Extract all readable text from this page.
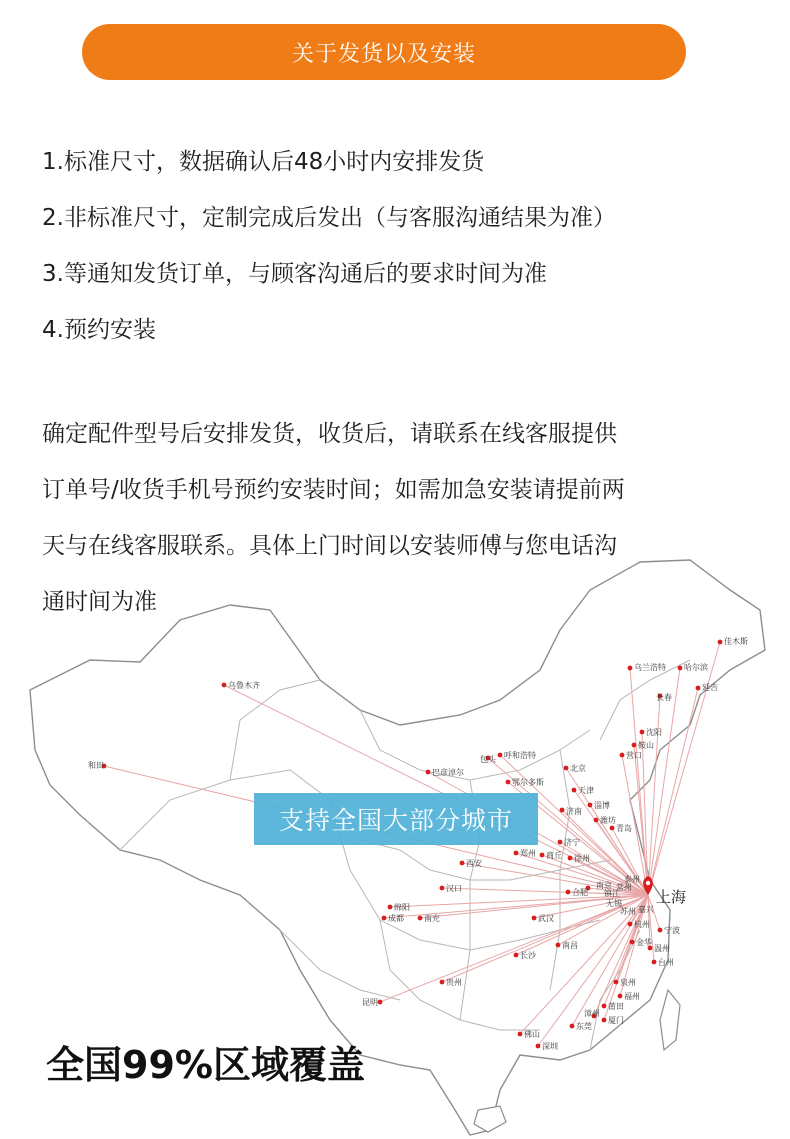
关于发货以及安装
1.标准尺寸，数据确认后48小时内安排发货
2.非标准尺寸，定制完成后发出（与客服沟通结果为准）
3.等通知发货订单，与顾客沟通后的要求时间为准
4.预约安装
确定配件型号后安排发货，收货后，请联系在线客服提供
订单号/收货手机号预约安装时间；如需加急安装请提前两
天与在线客服联系。具体上门时间以安装师傅与您电话沟
通时间为准
佳木斯
乌兰浩特 哈尔滨
长春
延吉
沈阳
鞍山
营口
乌鲁木齐
包头 呼和浩特
北京
巴彦淖尔
鄂尔多斯
天津
和田
济南
淄博
青岛
潍坊
济宁
郑州 商丘 徐州
西安
南京
合肥 镇江
无锡
常州
泰州
苏州 嘉兴
绵阳
成都
汉口
南充	武汉
杭州
宁波
金华
温州
台州
长沙
南昌
贵州	泉州
福州
莆田
厦门
漳州
昆明
佛山
深圳
东莞
上海
支持全国大部分城市
全国99%区域覆盖
